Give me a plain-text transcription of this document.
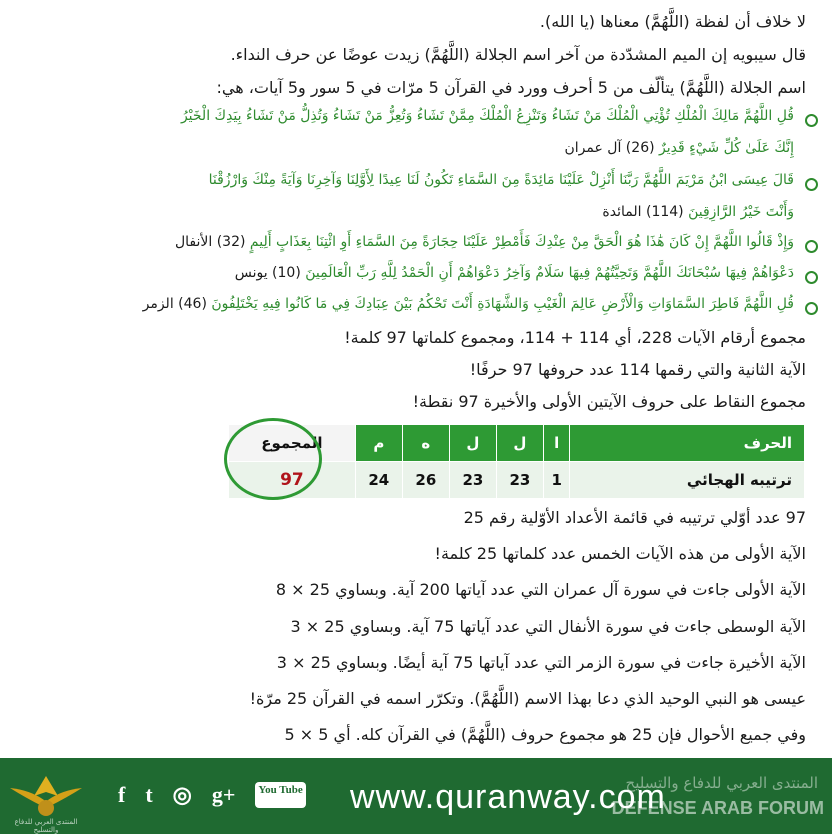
لا خلاف أن لفظة (اللَّهُمَّ) معناها (يا الله).
قال سيبويه إن الميم المشدّدة من آخر اسم الجلالة (اللَّهُمَّ) زيدت عوضًا عن حرف النداء.
اسم الجلالة (اللَّهُمَّ) يتألّف من 5 أحرف وورد في القرآن 5 مرّات في 5 سور و5 آيات، هي:
قُلِ اللَّهُمَّ مَالِكَ الْمُلْكِ تُؤْتِي الْمُلْكَ مَنْ تَشَاءُ وَتَنْزِعُ الْمُلْكَ مِمَّنْ تَشَاءُ وَتُعِزُّ مَنْ تَشَاءُ وَتُذِلُّ مَنْ تَشَاءُ بِيَدِكَ الْخَيْرُ
إِنَّكَ عَلَىٰ كُلِّ شَيْءٍ قَدِيرٌ (26) آل عمران
قَالَ عِيسَى ابْنُ مَرْيَمَ اللَّهُمَّ رَبَّنَا أَنْزِلْ عَلَيْنَا مَائِدَةً مِنَ السَّمَاءِ تَكُونُ لَنَا عِيدًا لِأَوَّلِنَا وَآخِرِنَا وَآيَةً مِنْكَ وَارْزُقْنَا
وَأَنْتَ خَيْرُ الرَّازِقِينَ (114) المائدة
وَإِذْ قَالُوا اللَّهُمَّ إِنْ كَانَ هَٰذَا هُوَ الْحَقَّ مِنْ عِنْدِكَ فَأَمْطِرْ عَلَيْنَا حِجَارَةً مِنَ السَّمَاءِ أَوِ ائْتِنَا بِعَذَابٍ أَلِيمٍ (32) الأنفال
دَعْوَاهُمْ فِيهَا سُبْحَانَكَ اللَّهُمَّ وَتَحِيَّتُهُمْ فِيهَا سَلَامٌ وَآخِرُ دَعْوَاهُمْ أَنِ الْحَمْدُ لِلَّهِ رَبِّ الْعَالَمِينَ (10) يونس
قُلِ اللَّهُمَّ فَاطِرَ السَّمَاوَاتِ وَالْأَرْضِ عَالِمَ الْغَيْبِ وَالشَّهَادَةِ أَنْتَ تَحْكُمُ بَيْنَ عِبَادِكَ فِي مَا كَانُوا فِيهِ يَخْتَلِفُونَ (46) الزمر
مجموع أرقام الآيات 228، أي 114 + 114، ومجموع كلماتها 97 كلمة!
الآية الثانية والتي رقمها 114 عدد حروفها 97 حرفًا!
مجموع النقاط على حروف الآيتين الأولى والأخيرة 97 نقطة!
الحرف	ا	ل	ل	ه	م	المجموع
ترتيبه الهجائي	1	23	23	26	24	97
97 عدد أوّلي ترتيبه في قائمة الأعداد الأوّلية رقم 25
الآية الأولى من هذه الآيات الخمس عدد كلماتها 25 كلمة!
الآية الأولى جاءت في سورة آل عمران التي عدد آياتها 200 آية. وبساوي 25 × 8
الآية الوسطى جاءت في سورة الأنفال التي عدد آياتها 75 آية. وبساوي 25 × 3
الآية الأخيرة جاءت في سورة الزمر التي عدد آياتها 75 آية أيضًا. وبساوي 25 × 3
عيسى هو النبي الوحيد الذي دعا بهذا الاسم (اللَّهُمَّ). وتكرّر اسمه في القرآن 25 مرّة!
وفي جميع الأحوال فإن 25 هو مجموع حروف (اللَّهُمَّ) في القرآن كله. أي 5 × 5
المنتدى العربي للدفاع والتسليح
f t ◎ g+ You Tube www.quranway.com
المنتدى العربي للدفاع والتسليح
DEFENSE ARAB FORUM
